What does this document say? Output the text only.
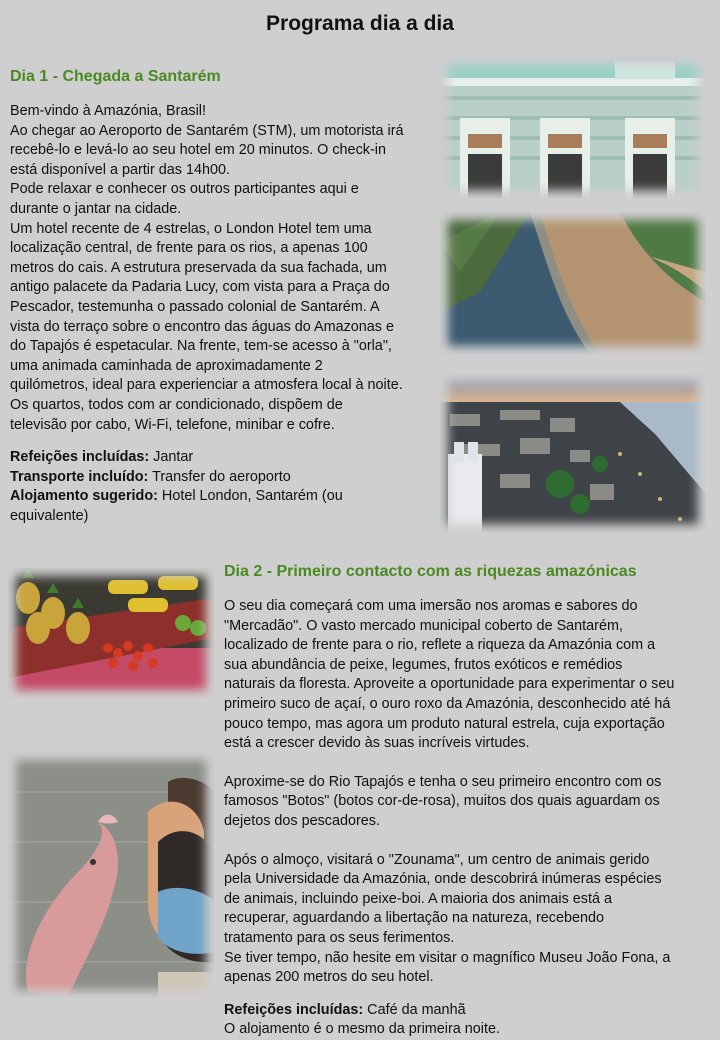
Programa dia a dia
Dia 1 - Chegada a Santarém

Bem-vindo à Amazónia, Brasil!

Ao chegar ao Aeroporto de Santarém (STM), um motorista irá

recebê-lo e levá-lo ao seu hotel em 20 minutos. O check-in

está disponível a partir das 14h00.

Pode relaxar e conhecer os outros participantes aqui e

durante o jantar na cidade.

Um hotel recente de 4 estrelas, o London Hotel tem uma

localização central, de frente para os rios, a apenas 100

metros do cais. A estrutura preservada da sua fachada, um

antigo palacete da Padaria Lucy, com vista para a Praça do

Pescador, testemunha o passado colonial de Santarém. A

vista do terraço sobre o encontro das águas do Amazonas e

do Tapajós é espetacular. Na frente, tem-se acesso à "orla",

uma animada caminhada de aproximadamente 2

quilómetros, ideal para experienciar a atmosfera local à noite.

Os quartos, todos com ar condicionado, dispõem de

televisão por cabo, Wi-Fi, telefone, minibar e cofre.

Refeições incluídas: Jantar

Transporte incluído: Transfer do aeroporto

Alojamento sugerido: Hotel London, Santarém (ou

equivalente)

Dia 2 - Primeiro contacto com as riquezas amazónicas

O seu dia começará com uma imersão nos aromas e sabores do

"Mercadão". O vasto mercado municipal coberto de Santarém,

localizado de frente para o rio, reflete a riqueza da Amazónia com a

sua abundância de peixe, legumes, frutos exóticos e remédios

naturais da floresta. Aproveite a oportunidade para experimentar o seu

primeiro suco de açaí, o ouro roxo da Amazónia, desconhecido até há

pouco tempo, mas agora um produto natural estrela, cuja exportação

está a crescer devido às suas incríveis virtudes.

Aproxime-se do Rio Tapajós e tenha o seu primeiro encontro com os

famosos "Botos" (botos cor-de-rosa), muitos dos quais aguardam os

dejetos dos pescadores.

Após o almoço, visitará o "Zounama", um centro de animais gerido

pela Universidade da Amazónia, onde descobrirá inúmeras espécies

de animais, incluindo peixe-boi. A maioria dos animais está a

recuperar, aguardando a libertação na natureza, recebendo

tratamento para os seus ferimentos.

Se tiver tempo, não hesite em visitar o magnífico Museu João Fona, a

apenas 200 metros do seu hotel.

Refeições incluídas: Café da manhã

O alojamento é o mesmo da primeira noite.
